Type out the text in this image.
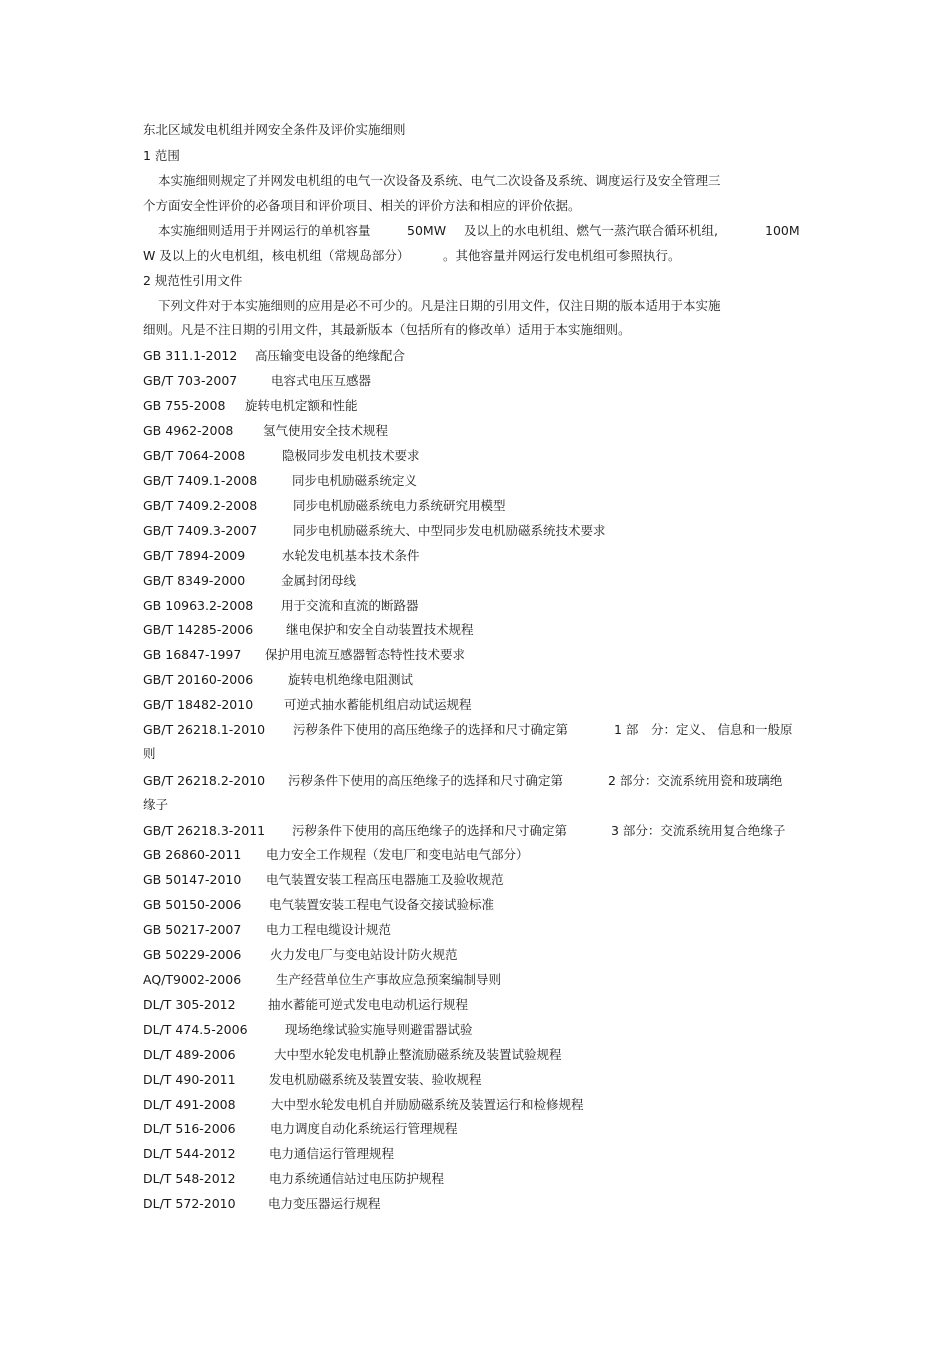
东北区域发电机组并网安全条件及评价实施细则
1 范围
本实施细则规定了并网发电机组的电气一次设备及系统、电气二次设备及系统、调度运行及安全管理三
个方面安全性评价的必备项目和评价项目、相关的评价方法和相应的评价依据。
本实施细则适用于并网运行的单机容量	50MW 及以上的水电机组、燃气一蒸汽联合循环机组,	100M
W 及以上的火电机组，核电机组（常规岛部分）	。其他容量并网运行发电机组可参照执行。
2 规范性引用文件
下列文件对于本实施细则的应用是必不可少的。凡是注日期的引用文件，仅注日期的版本适用于本实施
细则。凡是不注日期的引用文件，其最新版本（包括所有的修改单）适用于本实施细则。
GB 311.1-2012 高压输变电设备的绝缘配合
GB/T 703-2007	电容式电压互感器
GB 755-2008 旋转电机定额和性能
GB 4962-2008 氢气使用安全技术规程
GB/T 7064-2008	隐极同步发电机技术要求
GB/T 7409.1-2008	同步电机励磁系统定义
GB/T 7409.2-2008	同步电机励磁系统电力系统研究用模型
GB/T 7409.3-2007	同步电机励磁系统大、中型同步发电机励磁系统技术要求
GB/T 7894-2009	水轮发电机基本技术条件
GB/T 8349-2000	金属封闭母线
GB 10963.2-2008 用于交流和直流的断路器
GB/T 14285-2006	继电保护和安全自动装置技术规程
GB 16847-1997 保护用电流互感器暂态特性技术要求
GB/T 20160-2006	旋转电机绝缘电阻测试
GB/T 18482-2010 可逆式抽水蓄能机组启动试运规程
GB/T 26218.1-2010 污秽条件下使用的高压绝缘子的选择和尺寸确定第	1 部 分：定义、 信息和一般原
则
GB/T 26218.2-2010 污秽条件下使用的高压绝缘子的选择和尺寸确定第	2 部分：交流系统用瓷和玻璃绝
缘子
GB/T 26218.3-2011 污秽条件下使用的高压绝缘子的选择和尺寸确定第	3 部分：交流系统用复合绝缘子
GB 26860-2011 电力安全工作规程（发电厂和变电站电气部分）
GB 50147-2010 电气装置安装工程高压电器施工及验收规范
GB 50150-2006 电气装置安装工程电气设备交接试验标准
GB 50217-2007 电力工程电缆设计规范
GB 50229-2006 火力发电厂与变电站设计防火规范
AQ/T9002-2006	生产经营单位生产事故应急预案编制导则
DL/T 305-2012	抽水蓄能可逆式发电电动机运行规程
DL/T 474.5-2006	现场绝缘试验实施导则避雷器试验
DL/T 489-2006	大中型水轮发电机静止整流励磁系统及装置试验规程
DL/T 490-2011	发电机励磁系统及装置安装、验收规程
DL/T 491-2008	大中型水轮发电机自并励励磁系统及装置运行和检修规程
DL/T 516-2006	电力调度自动化系统运行管理规程
DL/T 544-2012	电力通信运行管理规程
DL/T 548-2012	电力系统通信站过电压防护规程
DL/T 572-2010	电力变压器运行规程
